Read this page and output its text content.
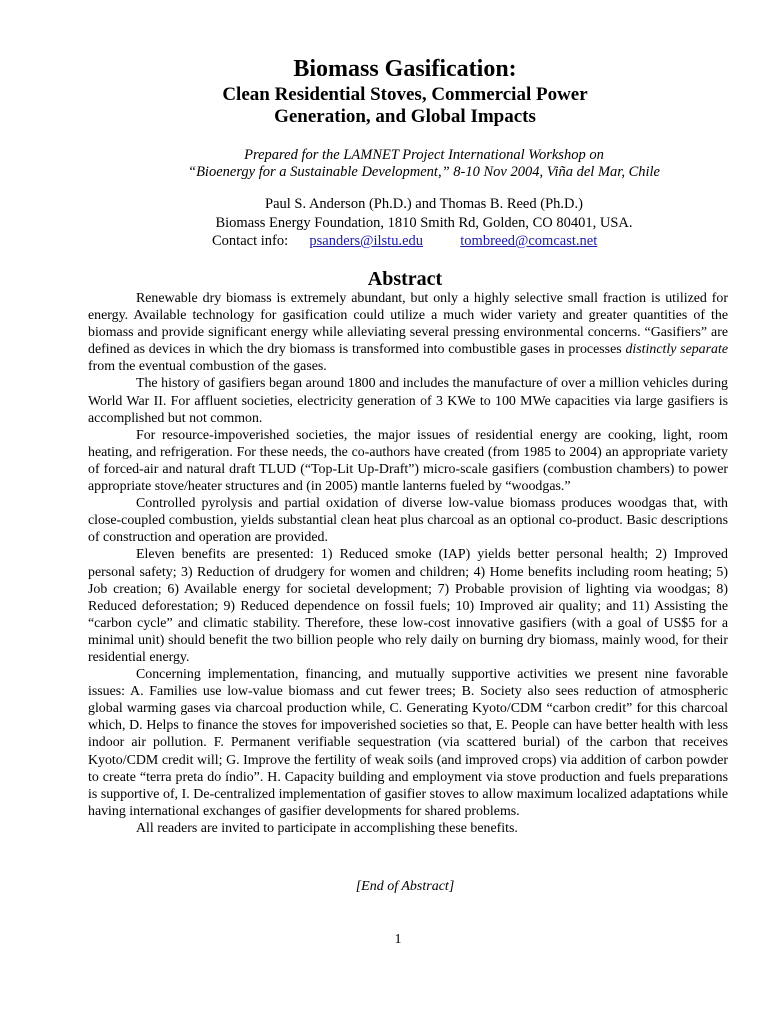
Biomass Gasification:
Clean Residential Stoves, Commercial Power
Generation, and Global Impacts
Prepared for the LAMNET Project International Workshop on
“Bioenergy for a Sustainable Development,” 8-10 Nov 2004, Viña del Mar, Chile
Paul S. Anderson (Ph.D.) and Thomas B. Reed (Ph.D.)
Biomass Energy Foundation, 1810 Smith Rd, Golden, CO 80401, USA.
Contact info: psanders@ilstu.edu	tombreed@comcast.net
Abstract

Renewable dry biomass is extremely abundant, but only a highly selective small fraction is utilized for energy. Available technology for gasification could utilize a much wider variety and greater quantities of the biomass and provide significant energy while alleviating several pressing environmental concerns. “Gasifiers” are defined as devices in which the dry biomass is transformed into combustible gases in processes distinctly separate from the eventual combustion of the gases.

The history of gasifiers began around 1800 and includes the manufacture of over a million vehicles during World War II. For affluent societies, electricity generation of 3 KWe to 100 MWe capacities via large gasifiers is accomplished but not common.

For resource-impoverished societies, the major issues of residential energy are cooking, light, room heating, and refrigeration. For these needs, the co-authors have created (from 1985 to 2004) an appropriate variety of forced-air and natural draft TLUD (“Top-Lit Up-Draft”) micro-scale gasifiers (combustion chambers) to power appropriate stove/heater structures and (in 2005) mantle lanterns fueled by “woodgas.”

Controlled pyrolysis and partial oxidation of diverse low-value biomass produces woodgas that, with close-coupled combustion, yields substantial clean heat plus charcoal as an optional co-product. Basic descriptions of construction and operation are provided.

Eleven benefits are presented: 1) Reduced smoke (IAP) yields better personal health; 2) Improved personal safety; 3) Reduction of drudgery for women and children; 4) Home benefits including room heating; 5) Job creation; 6) Available energy for societal development; 7) Probable provision of lighting via woodgas; 8) Reduced deforestation; 9) Reduced dependence on fossil fuels; 10) Improved air quality; and 11) Assisting the “carbon cycle” and climatic stability. Therefore, these low-cost innovative gasifiers (with a goal of US$5 for a minimal unit) should benefit the two billion people who rely daily on burning dry biomass, mainly wood, for their residential energy.

Concerning implementation, financing, and mutually supportive activities we present nine favorable issues: A. Families use low-value biomass and cut fewer trees; B. Society also sees reduction of atmospheric global warming gases via charcoal production while, C. Generating Kyoto/CDM “carbon credit” for this charcoal which, D. Helps to finance the stoves for impoverished societies so that, E. People can have better health with less indoor air pollution. F. Permanent verifiable sequestration (via scattered burial) of the carbon that receives Kyoto/CDM credit will; G. Improve the fertility of weak soils (and improved crops) via addition of carbon powder to create “terra preta do índio”. H. Capacity building and employment via stove production and fuels preparations is supportive of, I. De-centralized implementation of gasifier stoves to allow maximum localized adaptations while having international exchanges of gasifier developments for shared problems.

All readers are invited to participate in accomplishing these benefits.

[End of Abstract]
1
